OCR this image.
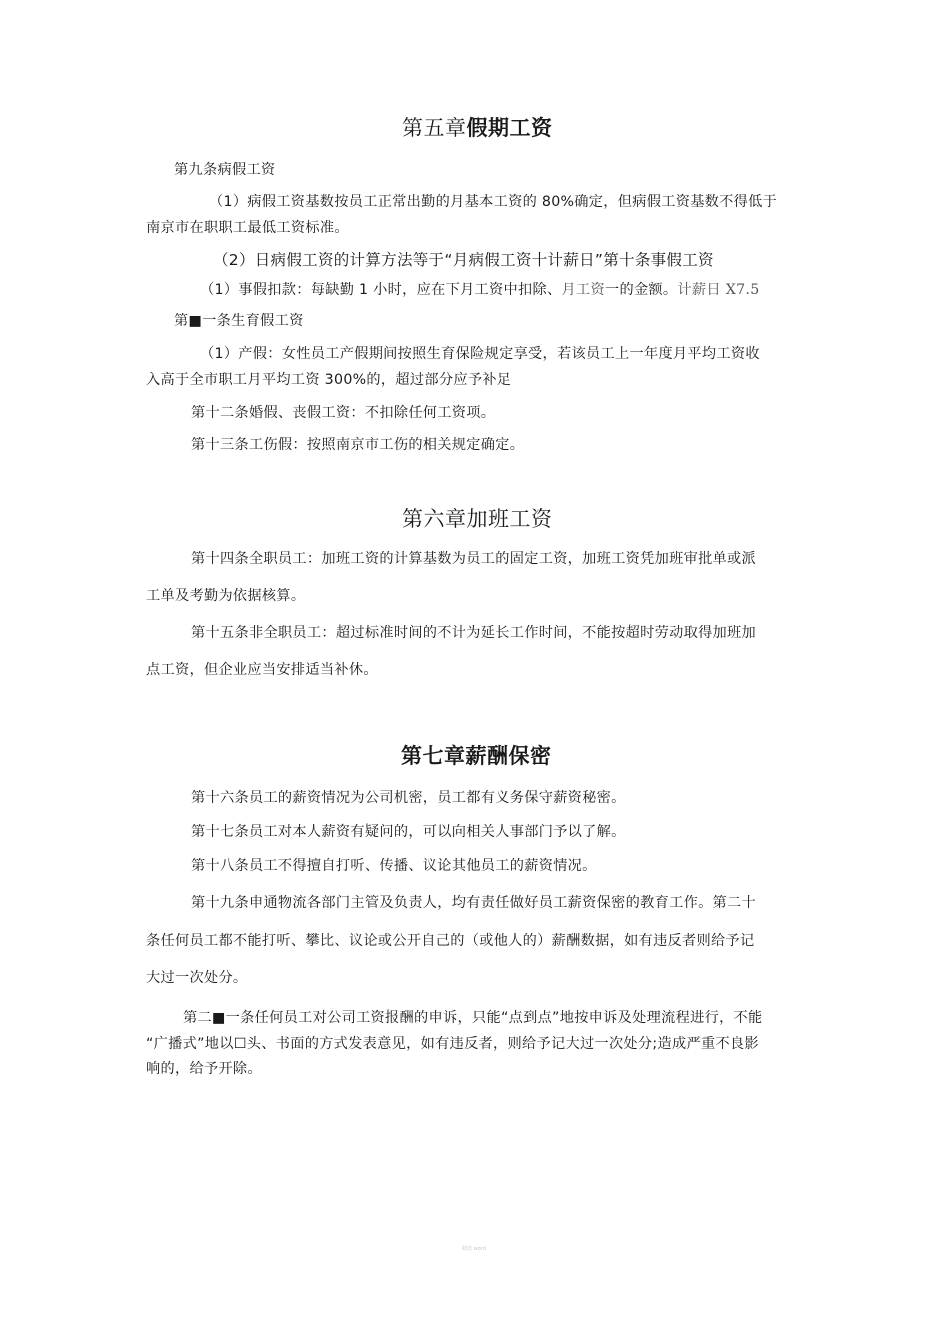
第五章假期工资
第九条病假工资
（1）病假工资基数按员工正常出勤的月基本工资的 80%确定，但病假工资基数不得低于
南京市在职职工最低工资标准。
（2）日病假工资的计算方法等于“月病假工资十计薪日”第十条事假工资
（1）事假扣款：每缺勤 1 小时，应在下月工资中扣除、月工资一的金额。计薪日 X7.5
第■一条生育假工资
（1）产假：女性员工产假期间按照生育保险规定享受，若该员工上一年度月平均工资收
入高于全市职工月平均工资 300%的，超过部分应予补足
第十二条婚假、丧假工资：不扣除任何工资项。
第十三条工伤假：按照南京市工伤的相关规定确定。
第六章加班工资
第十四条全职员工：加班工资的计算基数为员工的固定工资，加班工资凭加班审批单或派
工单及考勤为依据核算。
第十五条非全职员工：超过标准时间的不计为延长工作时间，不能按超时劳动取得加班加
点工资，但企业应当安排适当补休。
第七章薪酬保密
第十六条员工的薪资情况为公司机密，员工都有义务保守薪资秘密。
第十七条员工对本人薪资有疑问的，可以向相关人事部门予以了解。
第十八条员工不得擅自打听、传播、议论其他员工的薪资情况。
第十九条申通物流各部门主管及负责人，均有责任做好员工薪资保密的教育工作。第二十
条任何员工都不能打听、攀比、议论或公开自己的（或他人的）薪酬数据，如有违反者则给予记
大过一次处分。
第二■一条任何员工对公司工资报酬的申诉，只能“点到点”地按申诉及处理流程进行，不能
“广播式”地以☐头、书面的方式发表意见，如有违反者，则给予记大过一次处分;造成严重不良影
响的，给予开除。
精选 word
